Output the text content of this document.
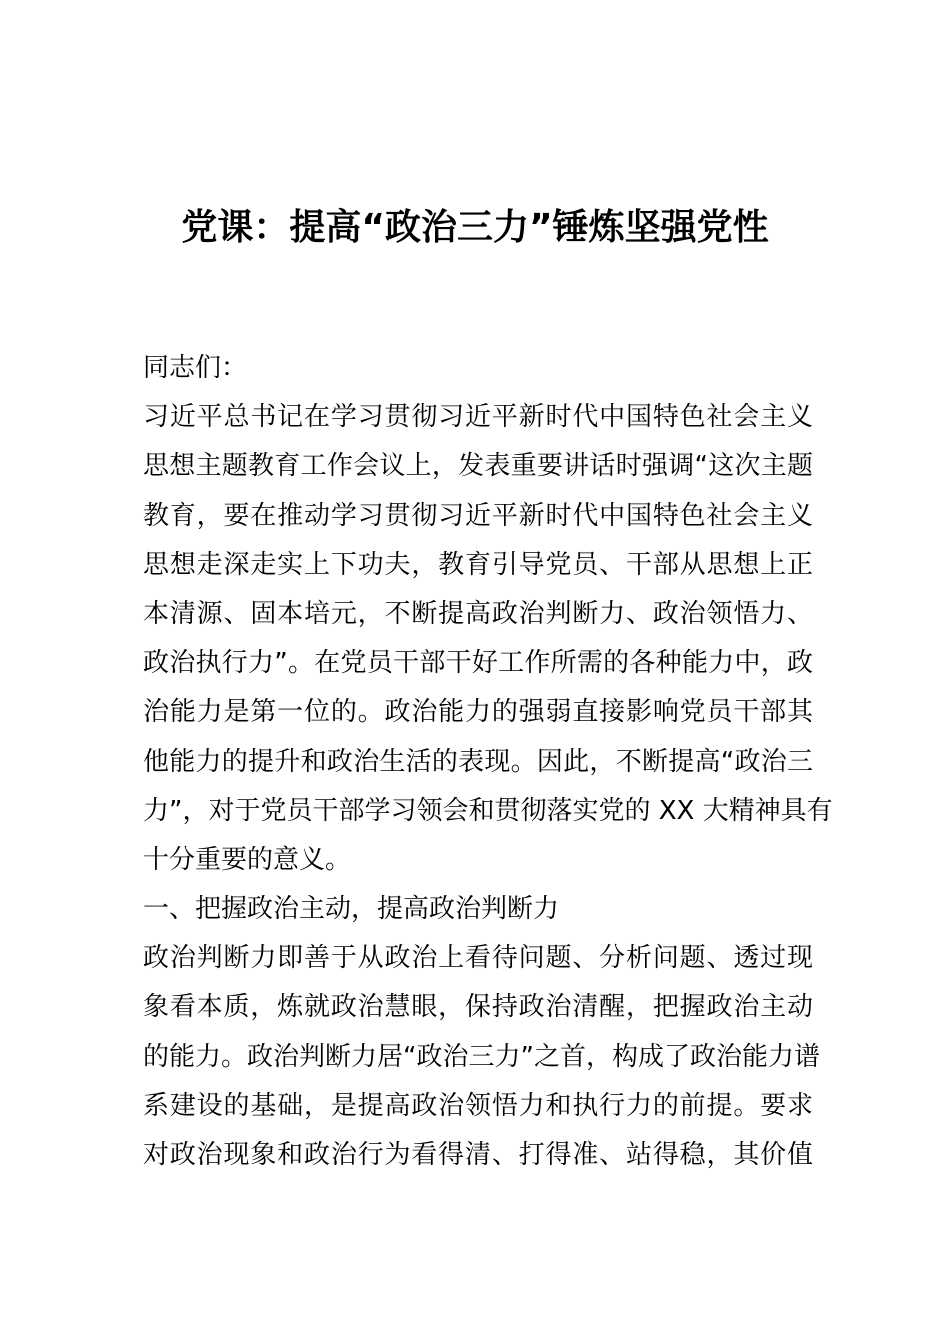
党课：提高“政治三力”锤炼坚强党性
同志们：
习近平总书记在学习贯彻习近平新时代中国特色社会主义
思想主题教育工作会议上，发表重要讲话时强调“这次主题
教育，要在推动学习贯彻习近平新时代中国特色社会主义
思想走深走实上下功夫，教育引导党员、干部从思想上正
本清源、固本培元，不断提高政治判断力、政治领悟力、
政治执行力”。在党员干部干好工作所需的各种能力中，政
治能力是第一位的。政治能力的强弱直接影响党员干部其
他能力的提升和政治生活的表现。因此，不断提高“政治三
力”，对于党员干部学习领会和贯彻落实党的 XX 大精神具有
十分重要的意义。
一、把握政治主动，提高政治判断力
政治判断力即善于从政治上看待问题、分析问题、透过现
象看本质，炼就政治慧眼，保持政治清醒，把握政治主动
的能力。政治判断力居“政治三力”之首，构成了政治能力谱
系建设的基础，是提高政治领悟力和执行力的前提。要求
对政治现象和政治行为看得清、打得准、站得稳，其价值
